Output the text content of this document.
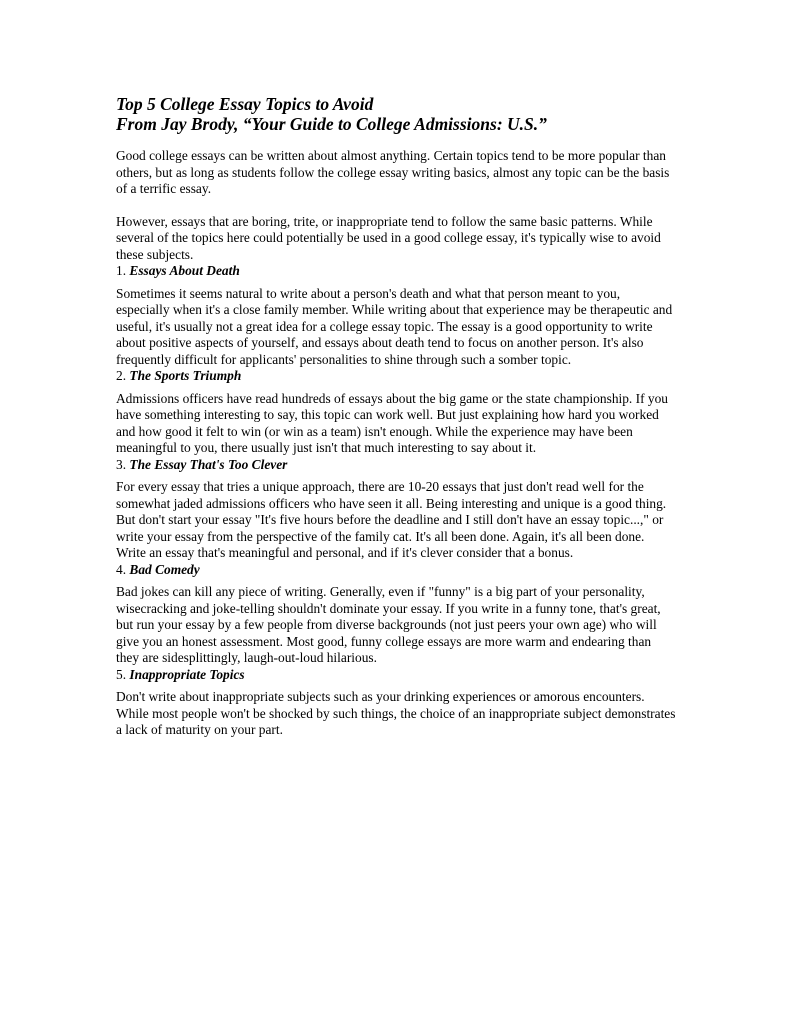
Top 5 College Essay Topics to Avoid
From Jay Brody, “Your Guide to College Admissions: U.S.”

Good college essays can be written about almost anything. Certain topics tend to be more popular than others, but as long as students follow the college essay writing basics, almost any topic can be the basis of a terrific essay.

However, essays that are boring, trite, or inappropriate tend to follow the same basic patterns. While several of the topics here could potentially be used in a good college essay, it's typically wise to avoid these subjects.

1. Essays About Death

Sometimes it seems natural to write about a person's death and what that person meant to you, especially when it's a close family member. While writing about that experience may be therapeutic and useful, it's usually not a great idea for a college essay topic. The essay is a good opportunity to write about positive aspects of yourself, and essays about death tend to focus on another person. It's also frequently difficult for applicants' personalities to shine through such a somber topic.

2. The Sports Triumph

Admissions officers have read hundreds of essays about the big game or the state championship. If you have something interesting to say, this topic can work well. But just explaining how hard you worked and how good it felt to win (or win as a team) isn't enough. While the experience may have been meaningful to you, there usually just isn't that much interesting to say about it.

3. The Essay That's Too Clever

For every essay that tries a unique approach, there are 10-20 essays that just don't read well for the somewhat jaded admissions officers who have seen it all. Being interesting and unique is a good thing. But don't start your essay "It's five hours before the deadline and I still don't have an essay topic...," or write your essay from the perspective of the family cat. It's all been done. Again, it's all been done. Write an essay that's meaningful and personal, and if it's clever consider that a bonus.

4. Bad Comedy

Bad jokes can kill any piece of writing. Generally, even if "funny" is a big part of your personality, wisecracking and joke-telling shouldn't dominate your essay. If you write in a funny tone, that's great, but run your essay by a few people from diverse backgrounds (not just peers your own age) who will give you an honest assessment. Most good, funny college essays are more warm and endearing than they are sidesplittingly, laugh-out-loud hilarious.

5. Inappropriate Topics

Don't write about inappropriate subjects such as your drinking experiences or amorous encounters. While most people won't be shocked by such things, the choice of an inappropriate subject demonstrates a lack of maturity on your part.
